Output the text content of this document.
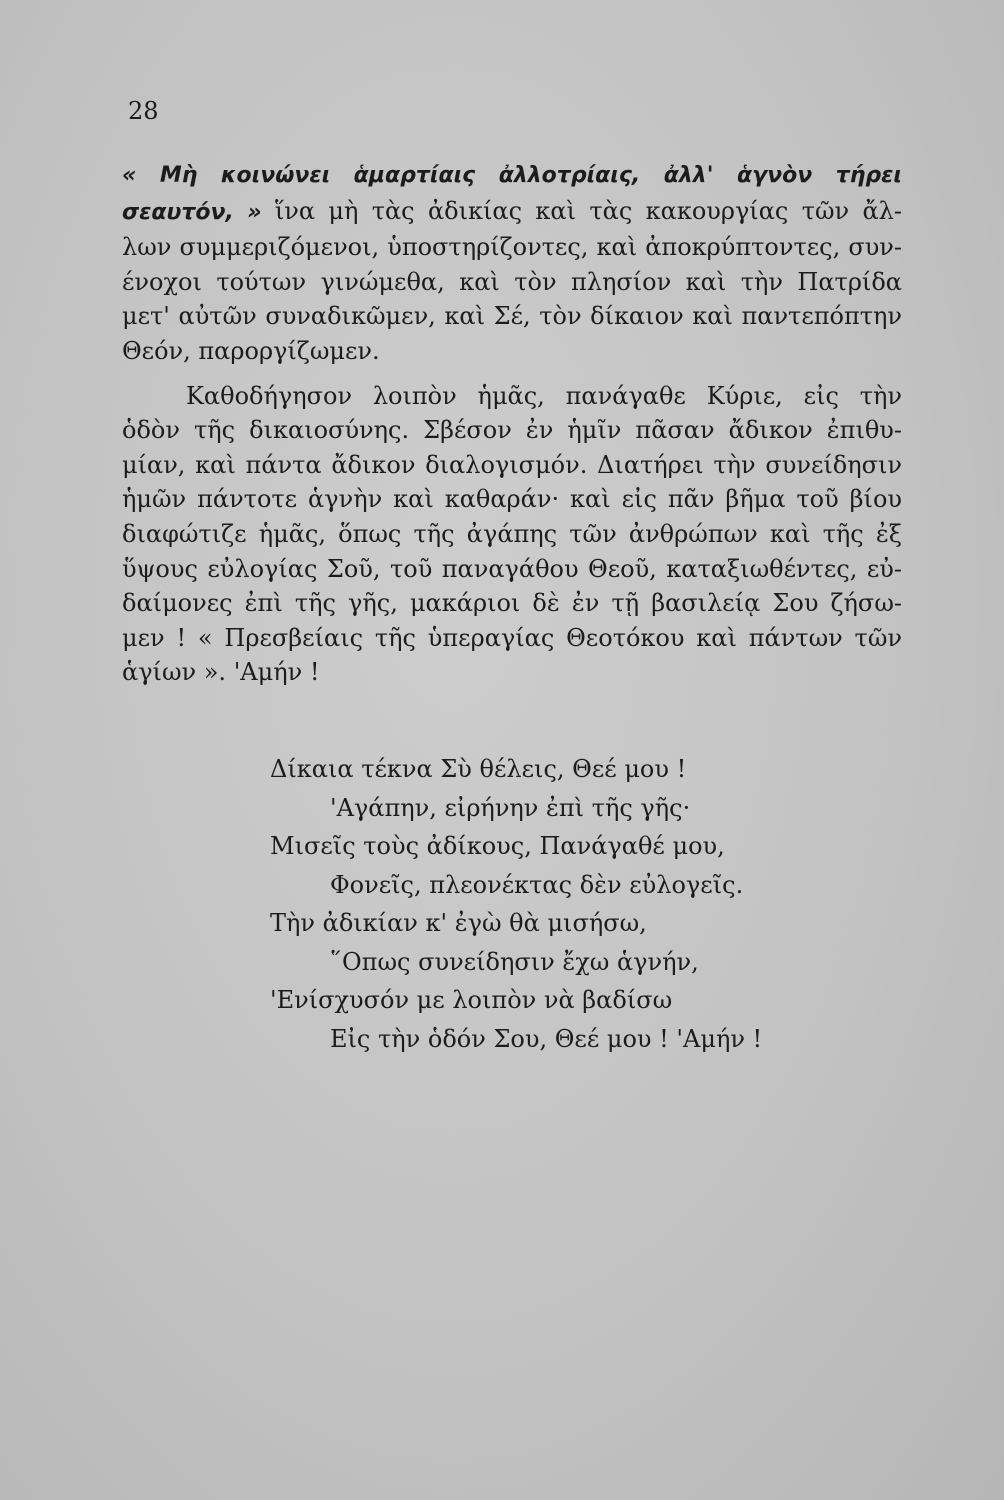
28
« Μὴ κοινώνει ἁμαρτίαις ἀλλοτρίαις, ἀλλ' ἁγνὸν τήρει
σεαυτόν, » ἵνα μὴ τὰς ἀδικίας καὶ τὰς κακουργίας τῶν ἄλ-
λων συμμεριζόμενοι, ὑποστηρίζοντες, καὶ ἀποκρύπτοντες, συν-
ένοχοι τούτων γινώμεθα, καὶ τὸν πλησίον καὶ τὴν Πατρίδα
μετ' αὐτῶν συναδικῶμεν, καὶ Σέ, τὸν δίκαιον καὶ παντεπόπτην
Θεόν, παροργίζωμεν.
Καθοδήγησον λοιπὸν ἡμᾶς, πανάγαθε Κύριε, εἰς τὴν
ὁδὸν τῆς δικαιοσύνης. Σβέσον ἐν ἡμῖν πᾶσαν ἄδικον ἐπιθυ-
μίαν, καὶ πάντα ἄδικον διαλογισμόν. Διατήρει τὴν συνείδησιν
ἡμῶν πάντοτε ἁγνὴν καὶ καθαράν· καὶ εἰς πᾶν βῆμα τοῦ βίου
διαφώτιζε ἡμᾶς, ὅπως τῆς ἀγάπης τῶν ἀνθρώπων καὶ τῆς ἐξ
ὕψους εὐλογίας Σοῦ, τοῦ παναγάθου Θεοῦ, καταξιωθέντες, εὐ-
δαίμονες ἐπὶ τῆς γῆς, μακάριοι δὲ ἐν τῇ βασιλείᾳ Σου ζήσω-
μεν ! « Πρεσβείαις τῆς ὑπεραγίας Θεοτόκου καὶ πάντων τῶν
ἁγίων ». 'Αμήν !
Δίκαια τέκνα Σὺ θέλεις, Θεέ μου !
'Αγάπην, εἰρήνην ἐπὶ τῆς γῆς·
Μισεῖς τοὺς ἀδίκους, Πανάγαθέ μου,
Φονεῖς, πλεονέκτας δὲν εὐλογεῖς.
Τὴν ἀδικίαν κ' ἐγὼ θὰ μισήσω,
῞Οπως συνείδησιν ἔχω ἁγνήν,
'Ενίσχυσόν με λοιπὸν νὰ βαδίσω
Εἰς τὴν ὁδόν Σου, Θεέ μου ! 'Αμήν !
